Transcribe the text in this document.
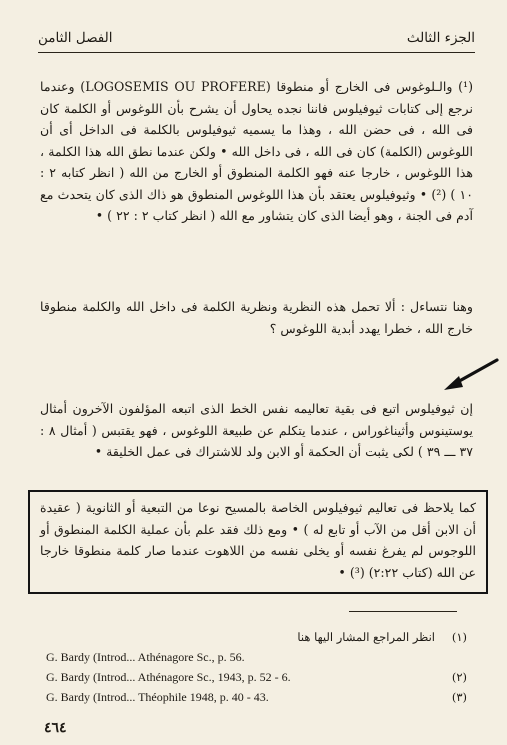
الجزء الثالث
الفصل الثامن
(¹) والـلوغوس فى الخارج أو منطوقا (LOGOSEMIS OU PROFERE) وعندما نرجع إلى كتابات ثيوفيلوس فاننا نجده يحاول أن يشرح بأن اللوغوس أو الكلمة كان فى الله ، فى حضن الله ، وهذا ما يسميه ثيوفيلوس بالكلمة فى الداخل أى أن اللوغوس (الكلمة) كان فى الله ، فى داخل الله • ولكن عندما نطق الله هذا الكلمة ، هذا اللوغوس ، خارجا عنه فهو الكلمة المنطوق أو الخارج من الله ( انظر كتابه ٢ : ١٠ ) (²) • وثيوفيلوس يعتقد بأن هذا اللوغوس المنطوق هو ذاك الذى كان يتحدث مع آدم فى الجنة ، وهو أيضا الذى كان يتشاور مع الله ( انظر كتاب ٢ : ٢٢ ) •
وهنا نتساءل : ألا تحمل هذه النظرية ونظرية الكلمة فى داخل الله والكلمة منطوقا خارج الله ، خطرا يهدد أبدية اللوغوس ؟
إن ثيوفيلوس اتبع فى بقية تعاليمه نفس الخط الذى اتبعه المؤلفون الآخرون أمثال يوستينوس وأثيناغوراس ، عندما يتكلم عن طبيعة اللوغوس ، فهو يقتبس ( أمثال ٨ : ٣٧ ـــ ٣٩ ) لكى يثبت أن الحكمة أو الابن ولد للاشتراك فى عمل الخليقة •
كما يلاحظ فى تعاليم ثيوفيلوس الخاصة بالمسيح نوعا من التبعية أو الثانوية ( عقيدة أن الابن أقل من الآب أو تابع له ) • ومع ذلك فقد علم بأن عملية الكلمة المنطوق أو اللوجوس لم يفرغ نفسه أو يخلى نفسه من اللاهوت عندما صار كلمة منطوقا خارجا عن الله (كتاب ٢:٢٢) (³) •
(١)
انظر المراجع المشار اليها هنا
G. Bardy (Introd... Athénagore Sc., p. 56.
G. Bardy (Introd... Athénagore Sc., 1943, p. 52 - 6.	(٢)
G. Bardy (Introd... Théophile 1948, p. 40 - 43.	(٣)
٤٦٤
